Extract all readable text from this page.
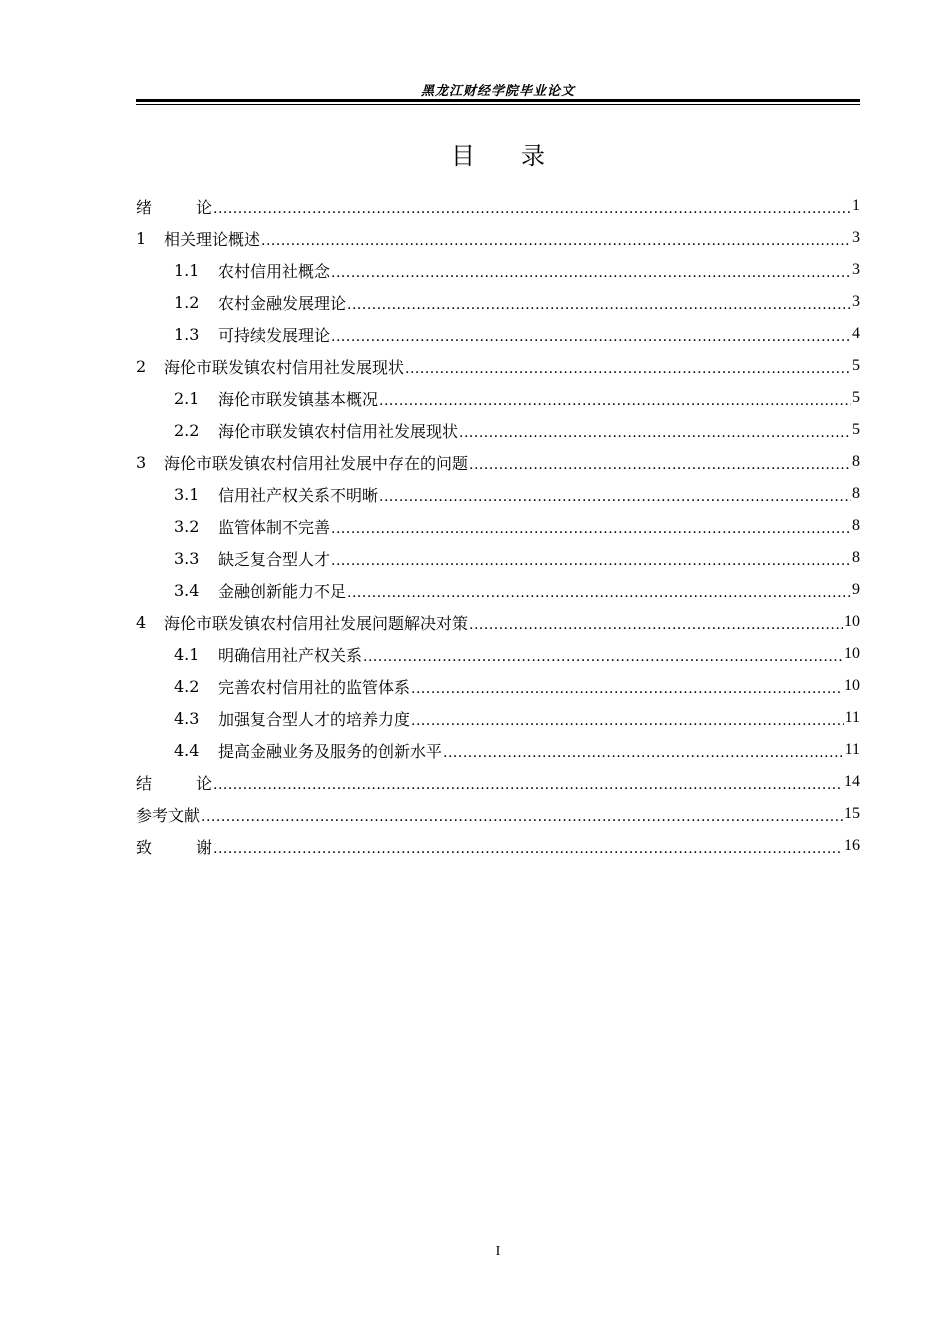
黑龙江财经学院毕业论文
目 录
绪	论 .....	1
1	相关理论概述 .....	3
1.1	农村信用社概念 .....	3
1.2	农村金融发展理论 .....	3
1.3	可持续发展理论 .....	4
2	海伦市联发镇农村信用社发展现状 .....	5
2.1	海伦市联发镇基本概况 .....	5
2.2	海伦市联发镇农村信用社发展现状 .....	5
3	海伦市联发镇农村信用社发展中存在的问题 .....	8
3.1	信用社产权关系不明晰 .....	8
3.2	监管体制不完善 .....	8
3.3	缺乏复合型人才 .....	8
3.4	金融创新能力不足 .....	9
4	海伦市联发镇农村信用社发展问题解决对策 .....	10
4.1	明确信用社产权关系 .....	10
4.2	完善农村信用社的监管体系 .....	10
4.3	加强复合型人才的培养力度 .....	11
4.4	提高金融业务及服务的创新水平 .....	11
结	论 .....	14
参考文献 .....	15
致	谢 .....	16
I
